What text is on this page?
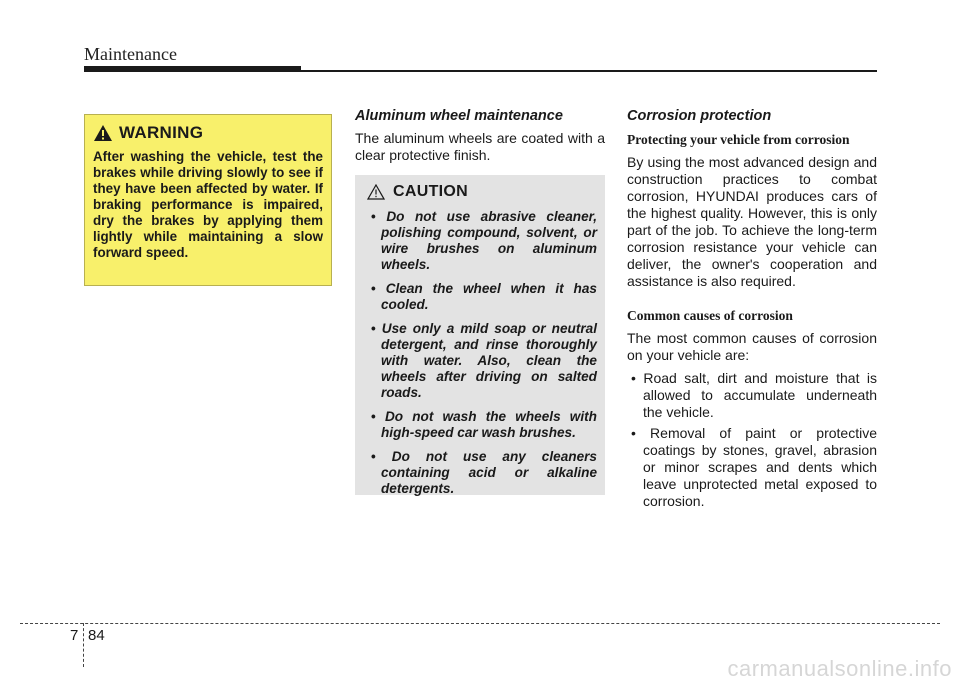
Maintenance
WARNING
After washing the vehicle, test the brakes while driving slowly to see if they have been affected by water. If braking performance is impaired, dry the brakes by applying them lightly while maintaining a slow forward speed.
Aluminum wheel maintenance

The aluminum wheels are coated with a clear protective finish.

CAUTION
• Do not use abrasive cleaner, polishing compound, solvent, or wire brushes on aluminum wheels.
• Clean the wheel when it has cooled.
• Use only a mild soap or neutral detergent, and rinse thoroughly with water. Also, clean the wheels after driving on salted roads.
• Do not wash the wheels with high-speed car wash brushes.
• Do not use any cleaners containing acid or alkaline detergents.
Corrosion protection
Protecting your vehicle from corrosion

By using the most advanced design and construction practices to combat corrosion, HYUNDAI produces cars of the highest quality. However, this is only part of the job. To achieve the long-term corrosion resistance your vehicle can deliver, the owner's cooperation and assistance is also required.

Common causes of corrosion

The most common causes of corrosion on your vehicle are:

• Road salt, dirt and moisture that is allowed to accumulate underneath the vehicle.
• Removal of paint or protective coatings by stones, gravel, abrasion or minor scrapes and dents which leave unprotected metal exposed to corrosion.
7 84
carmanualsonline.info
